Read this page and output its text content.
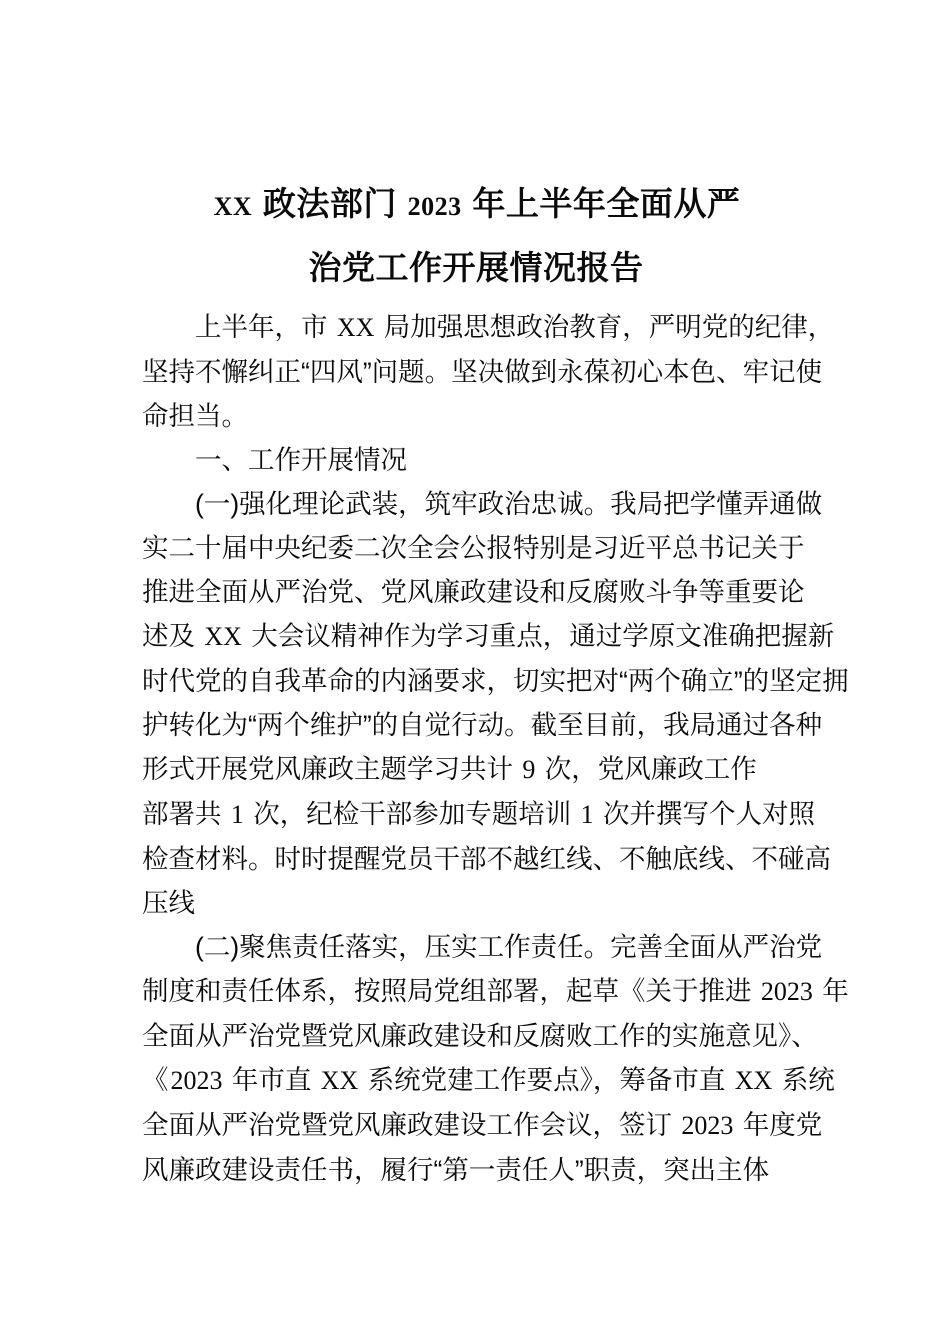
XX 政法部门 2023 年上半年全面从严
治党工作开展情况报告

　　上半年，市 XX 局加强思想政治教育，严明党的纪律，

坚持不懈纠正“四风”问题。坚决做到永葆初心本色、牢记使

命担当。

　　一、工作开展情况

　　(一)强化理论武装，筑牢政治忠诚。我局把学懂弄通做

实二十届中央纪委二次全会公报特别是习近平总书记关于

推进全面从严治党、党风廉政建设和反腐败斗争等重要论

述及 XX 大会议精神作为学习重点，通过学原文准确把握新

时代党的自我革命的内涵要求，切实把对“两个确立”的坚定拥

护转化为“两个维护”的自觉行动。截至目前，我局通过各种

形式开展党风廉政主题学习共计 9 次，党风廉政工作

部署共 1 次，纪检干部参加专题培训 1 次并撰写个人对照

检查材料。时时提醒党员干部不越红线、不触底线、不碰高

压线

　　(二)聚焦责任落实，压实工作责任。完善全面从严治党

制度和责任体系，按照局党组部署，起草《关于推进 2023 年

全面从严治党暨党风廉政建设和反腐败工作的实施意见》、

《2023 年市直 XX 系统党建工作要点》，筹备市直 XX 系统

全面从严治党暨党风廉政建设工作会议，签订 2023 年度党

风廉政建设责任书，履行“第一责任人”职责，突出主体
